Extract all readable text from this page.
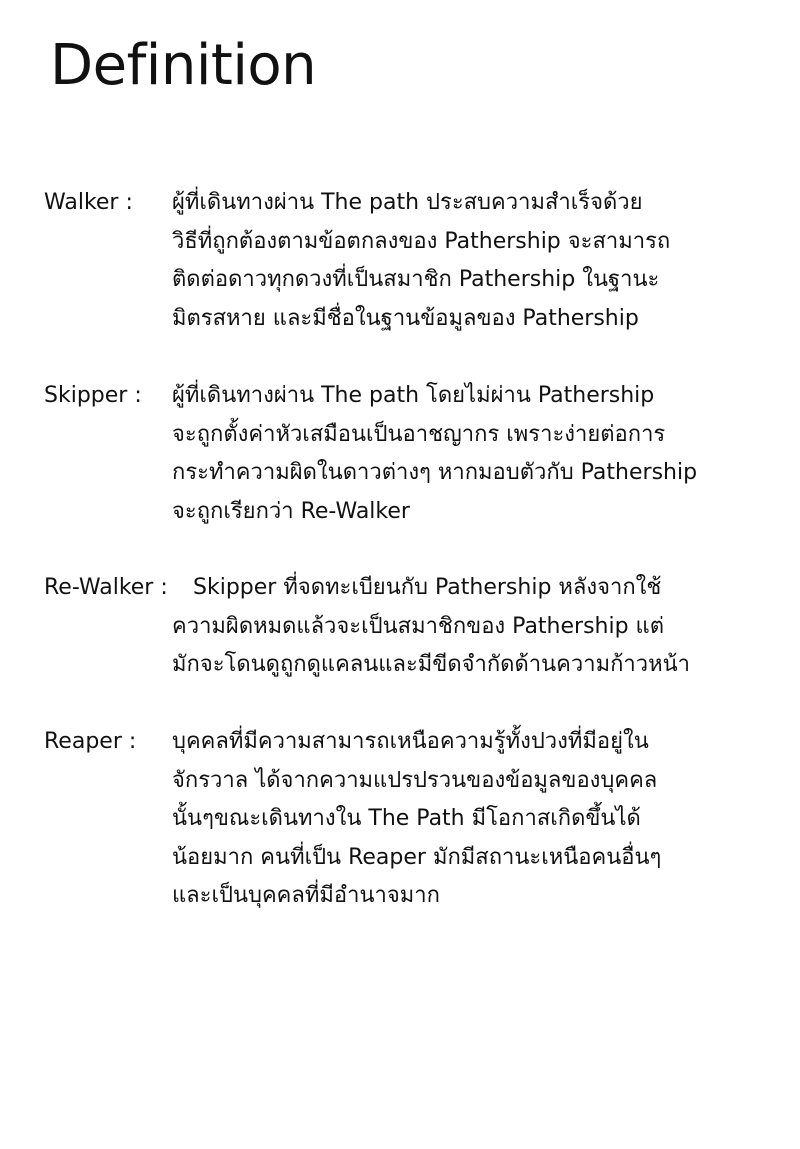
Definition
Walker : ผู้ที่เดินทางผ่าน The path ประสบความสำเร็จด้วย
วิธีที่ถูกต้องตามข้อตกลงของ Pathership จะสามารถ
ติดต่อดาวทุกดวงที่เป็นสมาชิก Pathership ในฐานะ
มิตรสหาย และมีชื่อในฐานข้อมูลของ Pathership
Skipper : ผู้ที่เดินทางผ่าน The path โดยไม่ผ่าน Pathership
จะถูกตั้งค่าหัวเสมือนเป็นอาชญากร เพราะง่ายต่อการ
กระทำความผิดในดาวต่างๆ หากมอบตัวกับ Pathership
จะถูกเรียกว่า Re-Walker
Re-Walker : Skipper ที่จดทะเบียนกับ Pathership หลังจากใช้
ความผิดหมดแล้วจะเป็นสมาชิกของ Pathership แต่
มักจะโดนดูถูกดูแคลนและมีขีดจำกัดด้านความก้าวหน้า
Reaper : บุคคลที่มีความสามารถเหนือความรู้ทั้งปวงที่มีอยู่ใน
จักรวาล ได้จากความแปรปรวนของข้อมูลของบุคคล
นั้นๆขณะเดินทางใน The Path มีโอกาสเกิดขึ้นได้
น้อยมาก คนที่เป็น Reaper มักมีสถานะเหนือคนอื่นๆ
และเป็นบุคคลที่มีอำนาจมาก
